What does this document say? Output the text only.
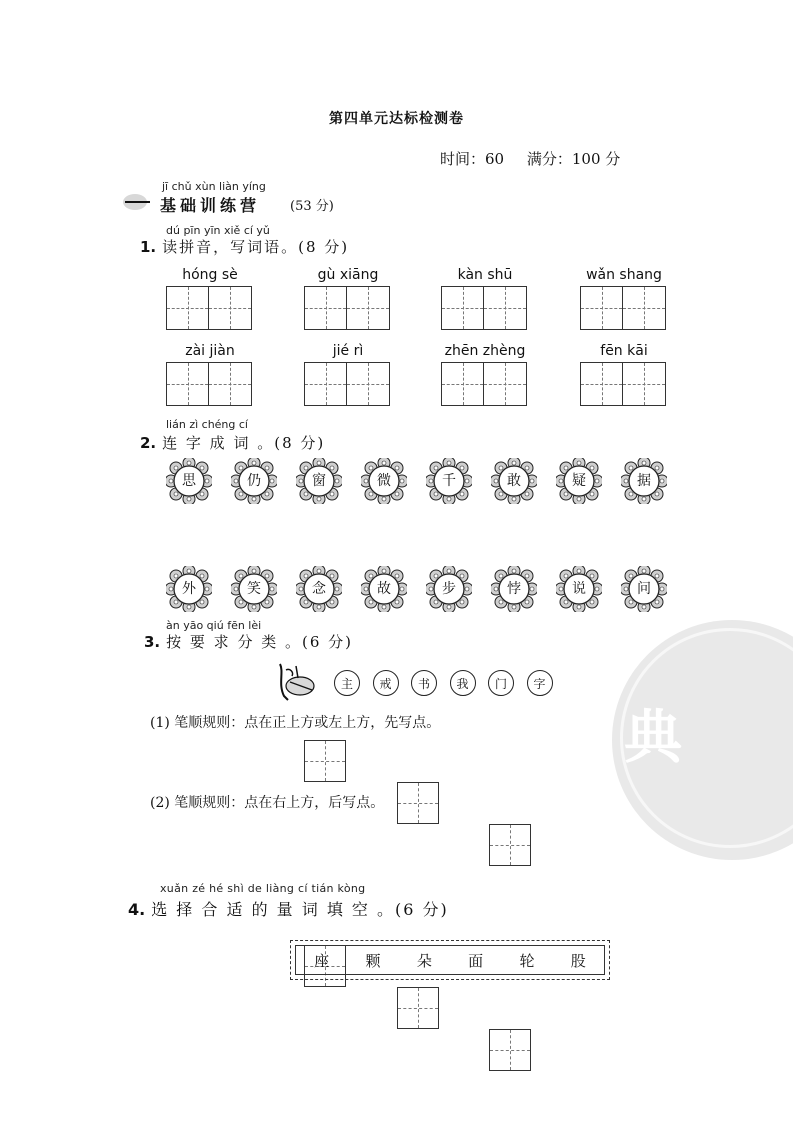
典
第四单元达标检测卷
时间：60 满分：100 分
jī chǔ xùn liàn yíng
基础训练营 (53 分)
dú pīn yīn xiě cí yǔ
1. 读拼音，写词语。(8 分)
hóng sè	gù xiāng	kàn shū	wǎn shang
zài jiàn	jié rì	zhēn zhèng	fēn kāi
lián zì chéng cí
2. 连 字 成 词 。(8 分)
思	仍	窗	微	千	敢	疑	据
外	笑	念	故	步	悖	说	问
àn yāo qiú fēn lèi
3. 按 要 求 分 类 。(6 分)
主	戒	书	我	门	字
(1) 笔顺规则：点在正上方或左上方，先写点。
(2) 笔顺规则：点在右上方，后写点。
xuǎn zé hé shì de liàng cí tián kòng
4. 选 择 合 适 的 量 词 填 空 。(6 分)
座 颗 朵 面 轮 股
